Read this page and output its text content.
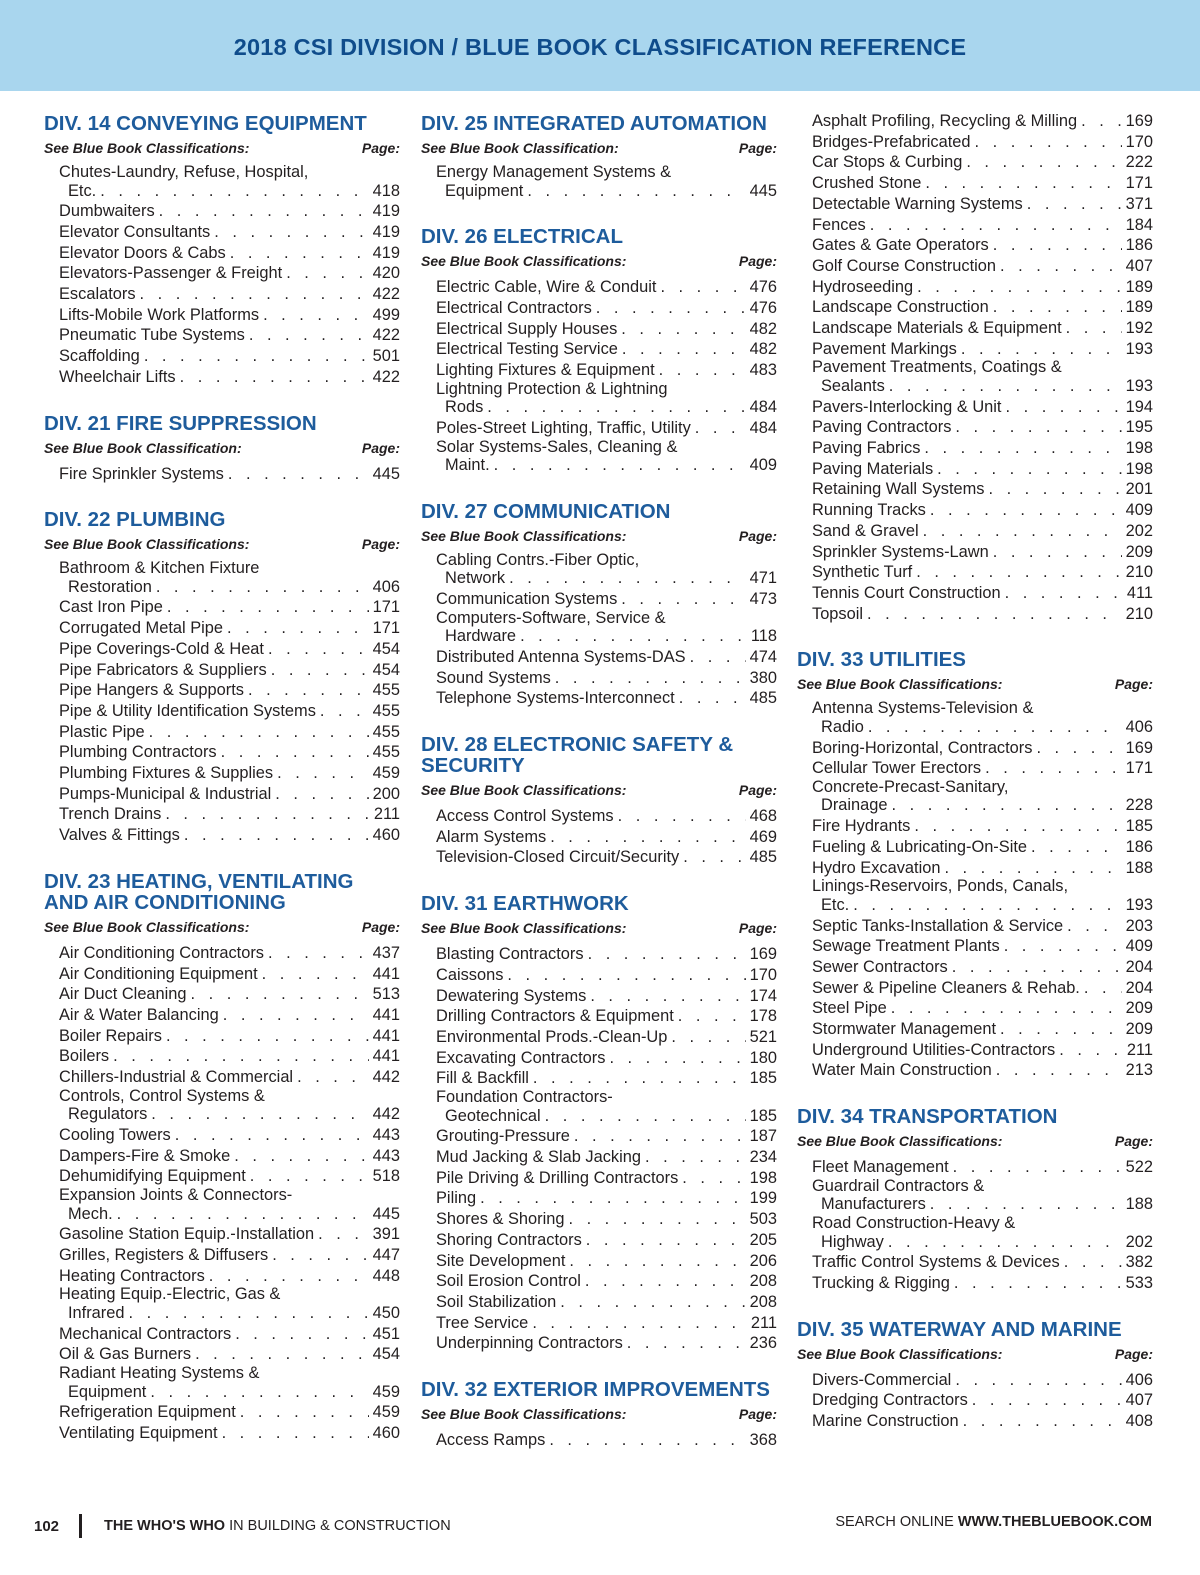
2018 CSI DIVISION / BLUE BOOK CLASSIFICATION REFERENCE
DIV. 14 CONVEYING EQUIPMENT
See Blue Book Classifications:	Page:
Chutes-Laundry, Refuse, Hospital,
Etc. . . .	418
Dumbwaiters . . .	419
Elevator Consultants . . .	419
Elevator Doors & Cabs . . .	419
Elevators-Passenger & Freight . . .	420
Escalators . . .	422
Lifts-Mobile Work Platforms . . .	499
Pneumatic Tube Systems . . .	422
Scaffolding . . .	501
Wheelchair Lifts . . .	422
DIV. 21 FIRE SUPPRESSION
See Blue Book Classification:	Page:
Fire Sprinkler Systems . . .	445
DIV. 22 PLUMBING
See Blue Book Classifications:	Page:
Bathroom & Kitchen Fixture
Restoration . . .	406
Cast Iron Pipe . . .	171
Corrugated Metal Pipe . . .	171
Pipe Coverings-Cold & Heat . . .	454
Pipe Fabricators & Suppliers . . .	454
Pipe Hangers & Supports . . .	455
Pipe & Utility Identification Systems . . .	455
Plastic Pipe . . .	455
Plumbing Contractors . . .	455
Plumbing Fixtures & Supplies . . .	459
Pumps-Municipal & Industrial . . .	200
Trench Drains . . .	211
Valves & Fittings . . .	460
DIV. 23 HEATING, VENTILATING AND AIR CONDITIONING
See Blue Book Classifications:	Page:
Air Conditioning Contractors . . .	437
Air Conditioning Equipment . . .	441
Air Duct Cleaning . . .	513
Air & Water Balancing . . .	441
Boiler Repairs . . .	441
Boilers . . .	441
Chillers-Industrial & Commercial . . .	442
Controls, Control Systems &
Regulators . . .	442
Cooling Towers . . .	443
Dampers-Fire & Smoke . . .	443
Dehumidifying Equipment . . .	518
Expansion Joints & Connectors-
Mech. . . .	445
Gasoline Station Equip.-Installation . . .	391
Grilles, Registers & Diffusers . . .	447
Heating Contractors . . .	448
Heating Equip.-Electric, Gas &
Infrared . . .	450
Mechanical Contractors . . .	451
Oil & Gas Burners . . .	454
Radiant Heating Systems &
Equipment . . .	459
Refrigeration Equipment . . .	459
Ventilating Equipment . . .	460
DIV. 25 INTEGRATED AUTOMATION
See Blue Book Classification:	Page:
Energy Management Systems &
Equipment . . .	445
DIV. 26 ELECTRICAL
See Blue Book Classifications:	Page:
Electric Cable, Wire & Conduit . . .	476
Electrical Contractors . . .	476
Electrical Supply Houses . . .	482
Electrical Testing Service . . .	482
Lighting Fixtures & Equipment . . .	483
Lightning Protection & Lightning
Rods . . .	484
Poles-Street Lighting, Traffic, Utility . . .	484
Solar Systems-Sales, Cleaning &
Maint. . . .	409
DIV. 27 COMMUNICATION
See Blue Book Classifications:	Page:
Cabling Contrs.-Fiber Optic,
Network . . .	471
Communication Systems . . .	473
Computers-Software, Service &
Hardware . . .	118
Distributed Antenna Systems-DAS . . .	474
Sound Systems . . .	380
Telephone Systems-Interconnect . . .	485
DIV. 28 ELECTRONIC SAFETY & SECURITY
See Blue Book Classifications:	Page:
Access Control Systems . . .	468
Alarm Systems . . .	469
Television-Closed Circuit/Security . . .	485
DIV. 31 EARTHWORK
See Blue Book Classifications:	Page:
Blasting Contractors . . .	169
Caissons . . .	170
Dewatering Systems . . .	174
Drilling Contractors & Equipment . . .	178
Environmental Prods.-Clean-Up . . .	521
Excavating Contractors . . .	180
Fill & Backfill . . .	185
Foundation Contractors-
Geotechnical . . .	185
Grouting-Pressure . . .	187
Mud Jacking & Slab Jacking . . .	234
Pile Driving & Drilling Contractors . . .	198
Piling . . .	199
Shores & Shoring . . .	503
Shoring Contractors . . .	205
Site Development . . .	206
Soil Erosion Control . . .	208
Soil Stabilization . . .	208
Tree Service . . .	211
Underpinning Contractors . . .	236
DIV. 32 EXTERIOR IMPROVEMENTS
See Blue Book Classifications:	Page:
Access Ramps . . .	368
Asphalt Profiling, Recycling & Milling . . .	169
Bridges-Prefabricated . . .	170
Car Stops & Curbing . . .	222
Crushed Stone . . .	171
Detectable Warning Systems . . .	371
Fences . . .	184
Gates & Gate Operators . . .	186
Golf Course Construction . . .	407
Hydroseeding . . .	189
Landscape Construction . . .	189
Landscape Materials & Equipment . . .	192
Pavement Markings . . .	193
Pavement Treatments, Coatings &
Sealants . . .	193
Pavers-Interlocking & Unit . . .	194
Paving Contractors . . .	195
Paving Fabrics . . .	198
Paving Materials . . .	198
Retaining Wall Systems . . .	201
Running Tracks . . .	409
Sand & Gravel . . .	202
Sprinkler Systems-Lawn . . .	209
Synthetic Turf . . .	210
Tennis Court Construction . . .	411
Topsoil . . .	210
DIV. 33 UTILITIES
See Blue Book Classifications:	Page:
Antenna Systems-Television &
Radio . . .	406
Boring-Horizontal, Contractors . . .	169
Cellular Tower Erectors . . .	171
Concrete-Precast-Sanitary,
Drainage . . .	228
Fire Hydrants . . .	185
Fueling & Lubricating-On-Site . . .	186
Hydro Excavation . . .	188
Linings-Reservoirs, Ponds, Canals,
Etc. . . .	193
Septic Tanks-Installation & Service . . .	203
Sewage Treatment Plants . . .	409
Sewer Contractors . . .	204
Sewer & Pipeline Cleaners & Rehab. . . .	204
Steel Pipe . . .	209
Stormwater Management . . .	209
Underground Utilities-Contractors . . .	211
Water Main Construction . . .	213
DIV. 34 TRANSPORTATION
See Blue Book Classifications:	Page:
Fleet Management . . .	522
Guardrail Contractors &
Manufacturers . . .	188
Road Construction-Heavy &
Highway . . .	202
Traffic Control Systems & Devices . . .	382
Trucking & Rigging . . .	533
DIV. 35 WATERWAY AND MARINE
See Blue Book Classifications:	Page:
Divers-Commercial . . .	406
Dredging Contractors . . .	407
Marine Construction . . .	408
102	THE WHO'S WHO
IN BUILDING & CONSTRUCTION	SEARCH ONLINE WWW.THEBLUEBOOK.COM
